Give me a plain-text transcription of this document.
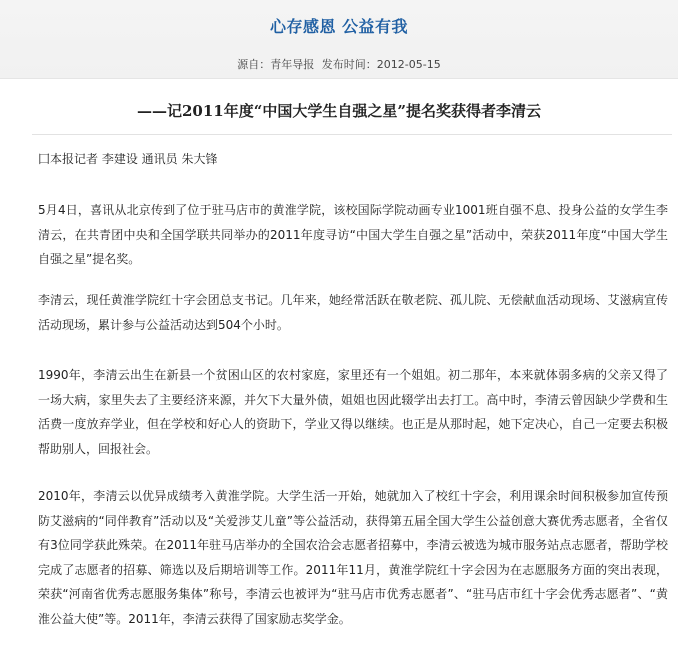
心存感恩 公益有我
源自：青年导报 发布时间：2012-05-15
——记2011年度“中国大学生自强之星”提名奖获得者李清云
囗本报记者 李建设 通讯员 朱大锋

5月4日，喜讯从北京传到了位于驻马店市的黄淮学院，该校国际学院动画专业1001班自强不息、投身公益的女学生李清云，在共青团中央和全国学联共同举办的2011年度寻访“中国大学生自强之星”活动中，荣获2011年度“中国大学生自强之星”提名奖。

李清云，现任黄淮学院红十字会团总支书记。几年来，她经常活跃在敬老院、孤儿院、无偿献血活动现场、艾滋病宣传活动现场，累计参与公益活动达到504个小时。

1990年，李清云出生在新县一个贫困山区的农村家庭，家里还有一个姐姐。初二那年，本来就体弱多病的父亲又得了一场大病，家里失去了主要经济来源，并欠下大量外债，姐姐也因此辍学出去打工。高中时，李清云曾因缺少学费和生活费一度放弃学业，但在学校和好心人的资助下，学业又得以继续。也正是从那时起，她下定决心，自己一定要去积极帮助别人，回报社会。

2010年，李清云以优异成绩考入黄淮学院。大学生活一开始，她就加入了校红十字会，利用课余时间积极参加宣传预防艾滋病的“同伴教育”活动以及“关爱涉艾儿童”等公益活动，获得第五届全国大学生公益创意大赛优秀志愿者，全省仅有3位同学获此殊荣。在2011年驻马店举办的全国农洽会志愿者招募中，李清云被选为城市服务站点志愿者，帮助学校完成了志愿者的招募、筛选以及后期培训等工作。2011年11月，黄淮学院红十字会因为在志愿服务方面的突出表现，荣获“河南省优秀志愿服务集体”称号，李清云也被评为“驻马店市优秀志愿者”、“驻马店市红十字会优秀志愿者”、“黄淮公益大使”等。2011年，李清云获得了国家励志奖学金。
